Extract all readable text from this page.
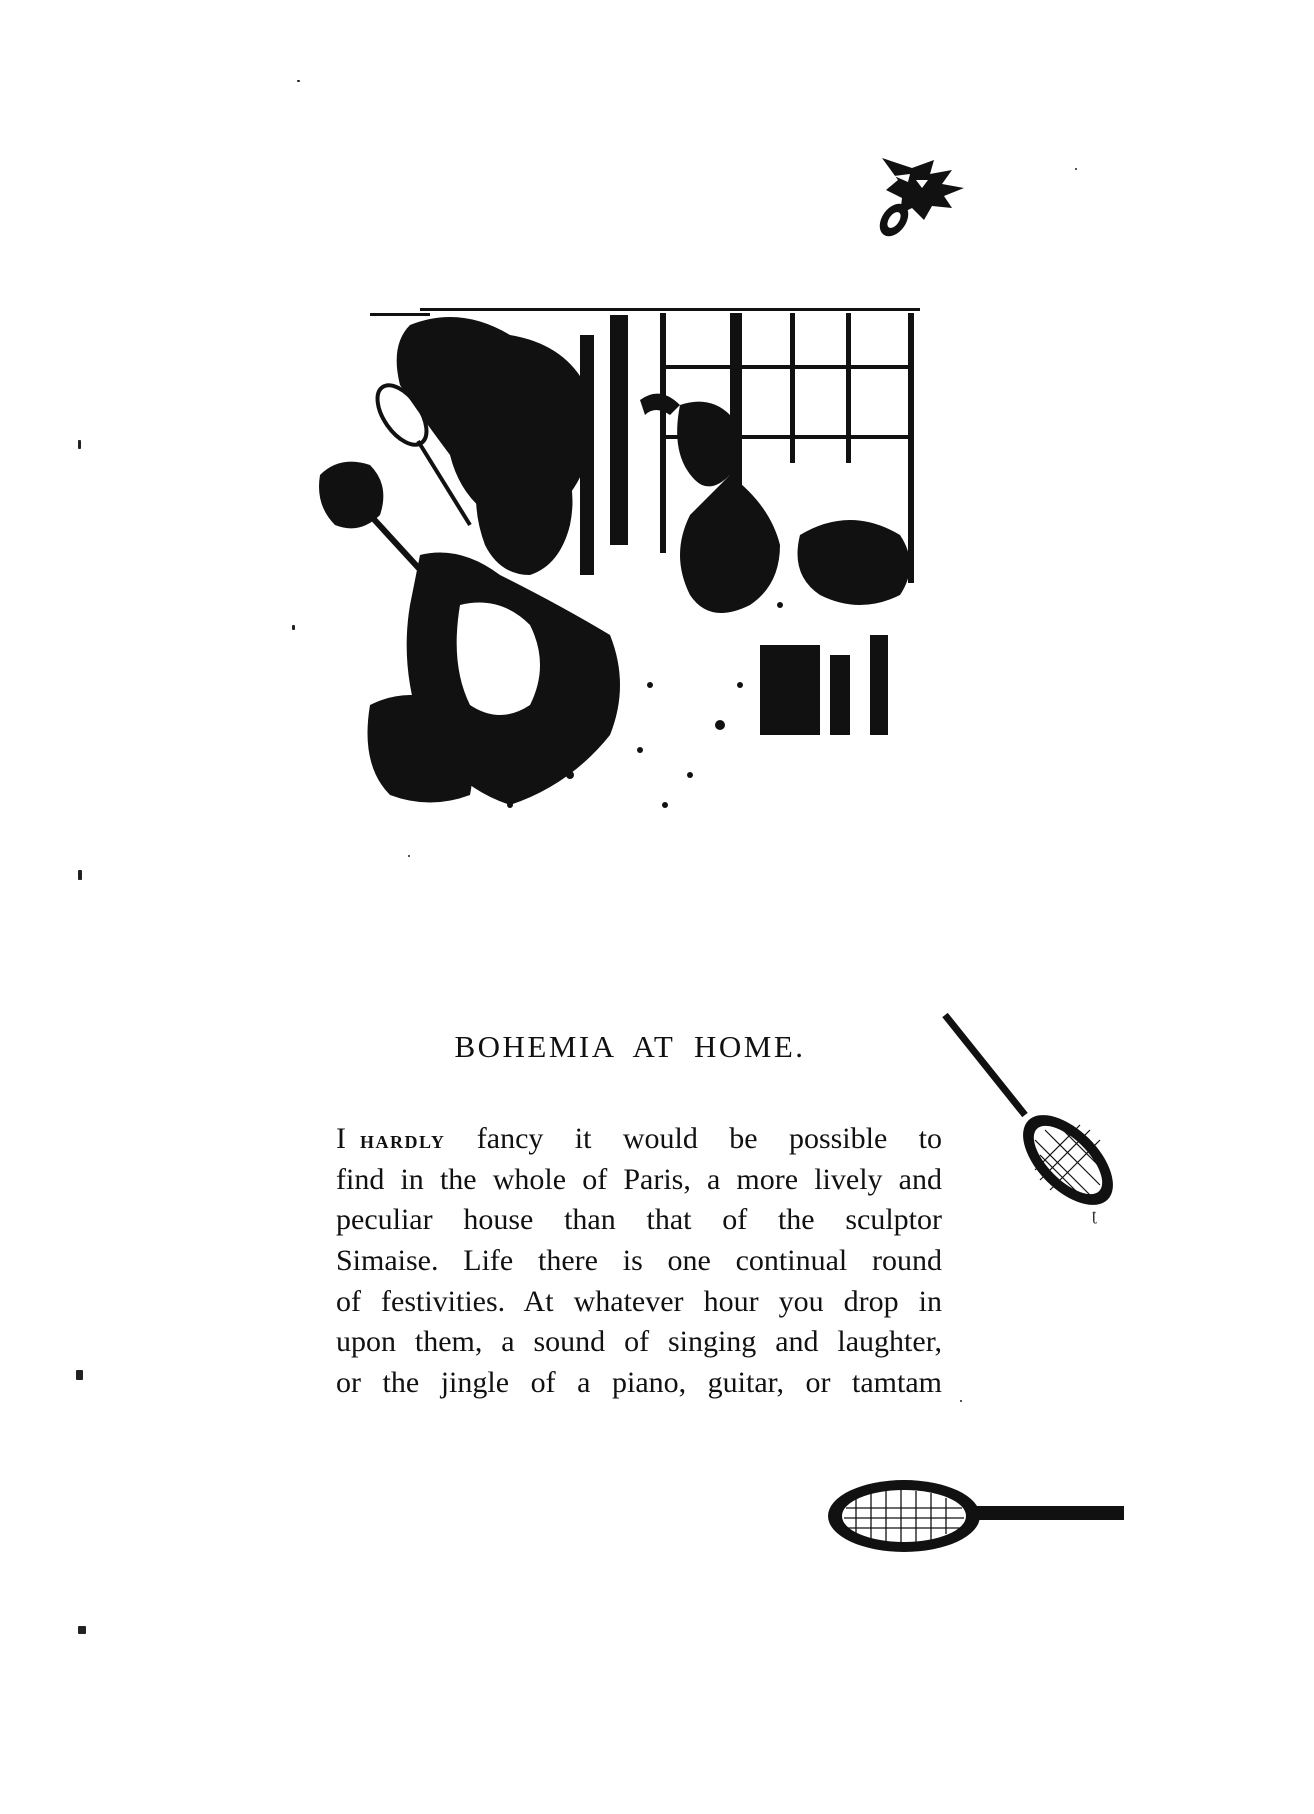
BOHEMIA AT HOME.
I hardly fancy it would be possible to
find in the whole of Paris, a more lively and
peculiar house than that of the sculptor
Simaise. Life there is one continual round
of festivities. At whatever hour you drop in
upon them, a sound of singing and laughter,
or the jingle of a piano, guitar, or tamtam
ʈ
